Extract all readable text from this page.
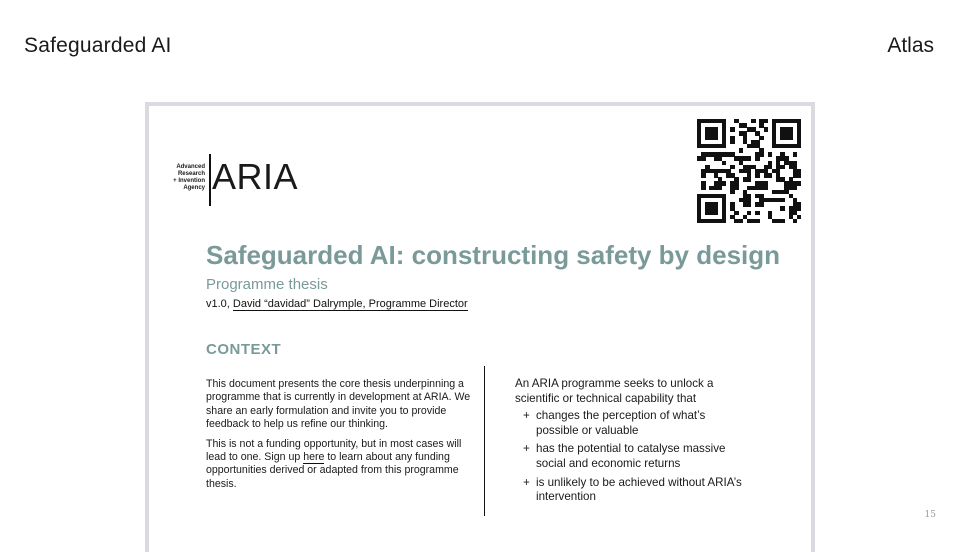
Safeguarded AI	Atlas
Advanced
Research
+ Invention
Agency ARIA
Safeguarded AI: constructing safety by design
Programme thesis
v1.0, David “davidad” Dalrymple, Programme Director
CONTEXT

This document presents the core thesis underpinning a programme that is currently in development at ARIA. We share an early formulation and invite you to provide feedback to help us refine our thinking.

This is not a funding opportunity, but in most cases will lead to one. Sign up here to learn about any funding opportunities derived or adapted from this programme thesis.

An ARIA programme seeks to unlock a scientific or technical capability that

+ changes the perception of what’s possible or valuable
+ has the potential to catalyse massive social and economic returns
+ is unlikely to be achieved without ARIA’s intervention
15
